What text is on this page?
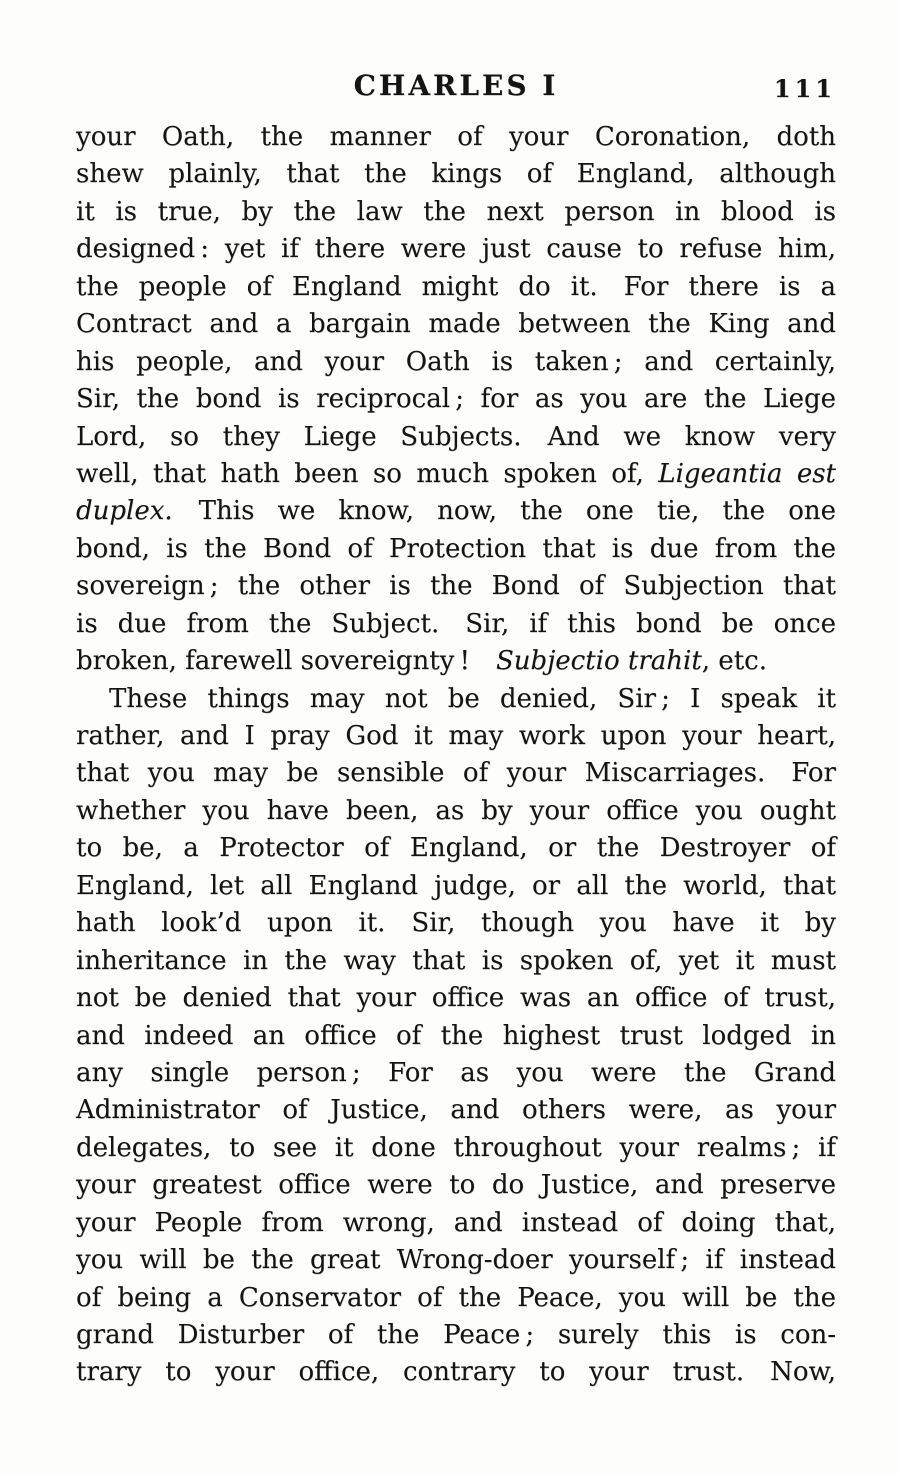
CHARLES I	111
your Oath, the manner of your Coronation, doth
shew plainly, that the kings of England, although
it is true, by the law the next person in blood is
designed : yet if there were just cause to refuse him,
the people of England might do it. For there is a
Contract and a bargain made between the King and
his people, and your Oath is taken ; and certainly,
Sir, the bond is reciprocal ; for as you are the Liege
Lord, so they Liege Subjects. And we know very
well, that hath been so much spoken of, Ligeantia est
duplex. This we know, now, the one tie, the one
bond, is the Bond of Protection that is due from the
sovereign ; the other is the Bond of Subjection that
is due from the Subject. Sir, if this bond be once
broken, farewell sovereignty ! Subjectio trahit, etc.
These things may not be denied, Sir ; I speak it
rather, and I pray God it may work upon your heart,
that you may be sensible of your Miscarriages. For
whether you have been, as by your office you ought
to be, a Protector of England, or the Destroyer of
England, let all England judge, or all the world, that
hath look’d upon it. Sir, though you have it by
inheritance in the way that is spoken of, yet it must
not be denied that your office was an office of trust,
and indeed an office of the highest trust lodged in
any single person ; For as you were the Grand
Administrator of Justice, and others were, as your
delegates, to see it done throughout your realms ; if
your greatest office were to do Justice, and preserve
your People from wrong, and instead of doing that,
you will be the great Wrong-doer yourself ; if instead
of being a Conservator of the Peace, you will be the
grand Disturber of the Peace ; surely this is con-
trary to your office, contrary to your trust. Now,
